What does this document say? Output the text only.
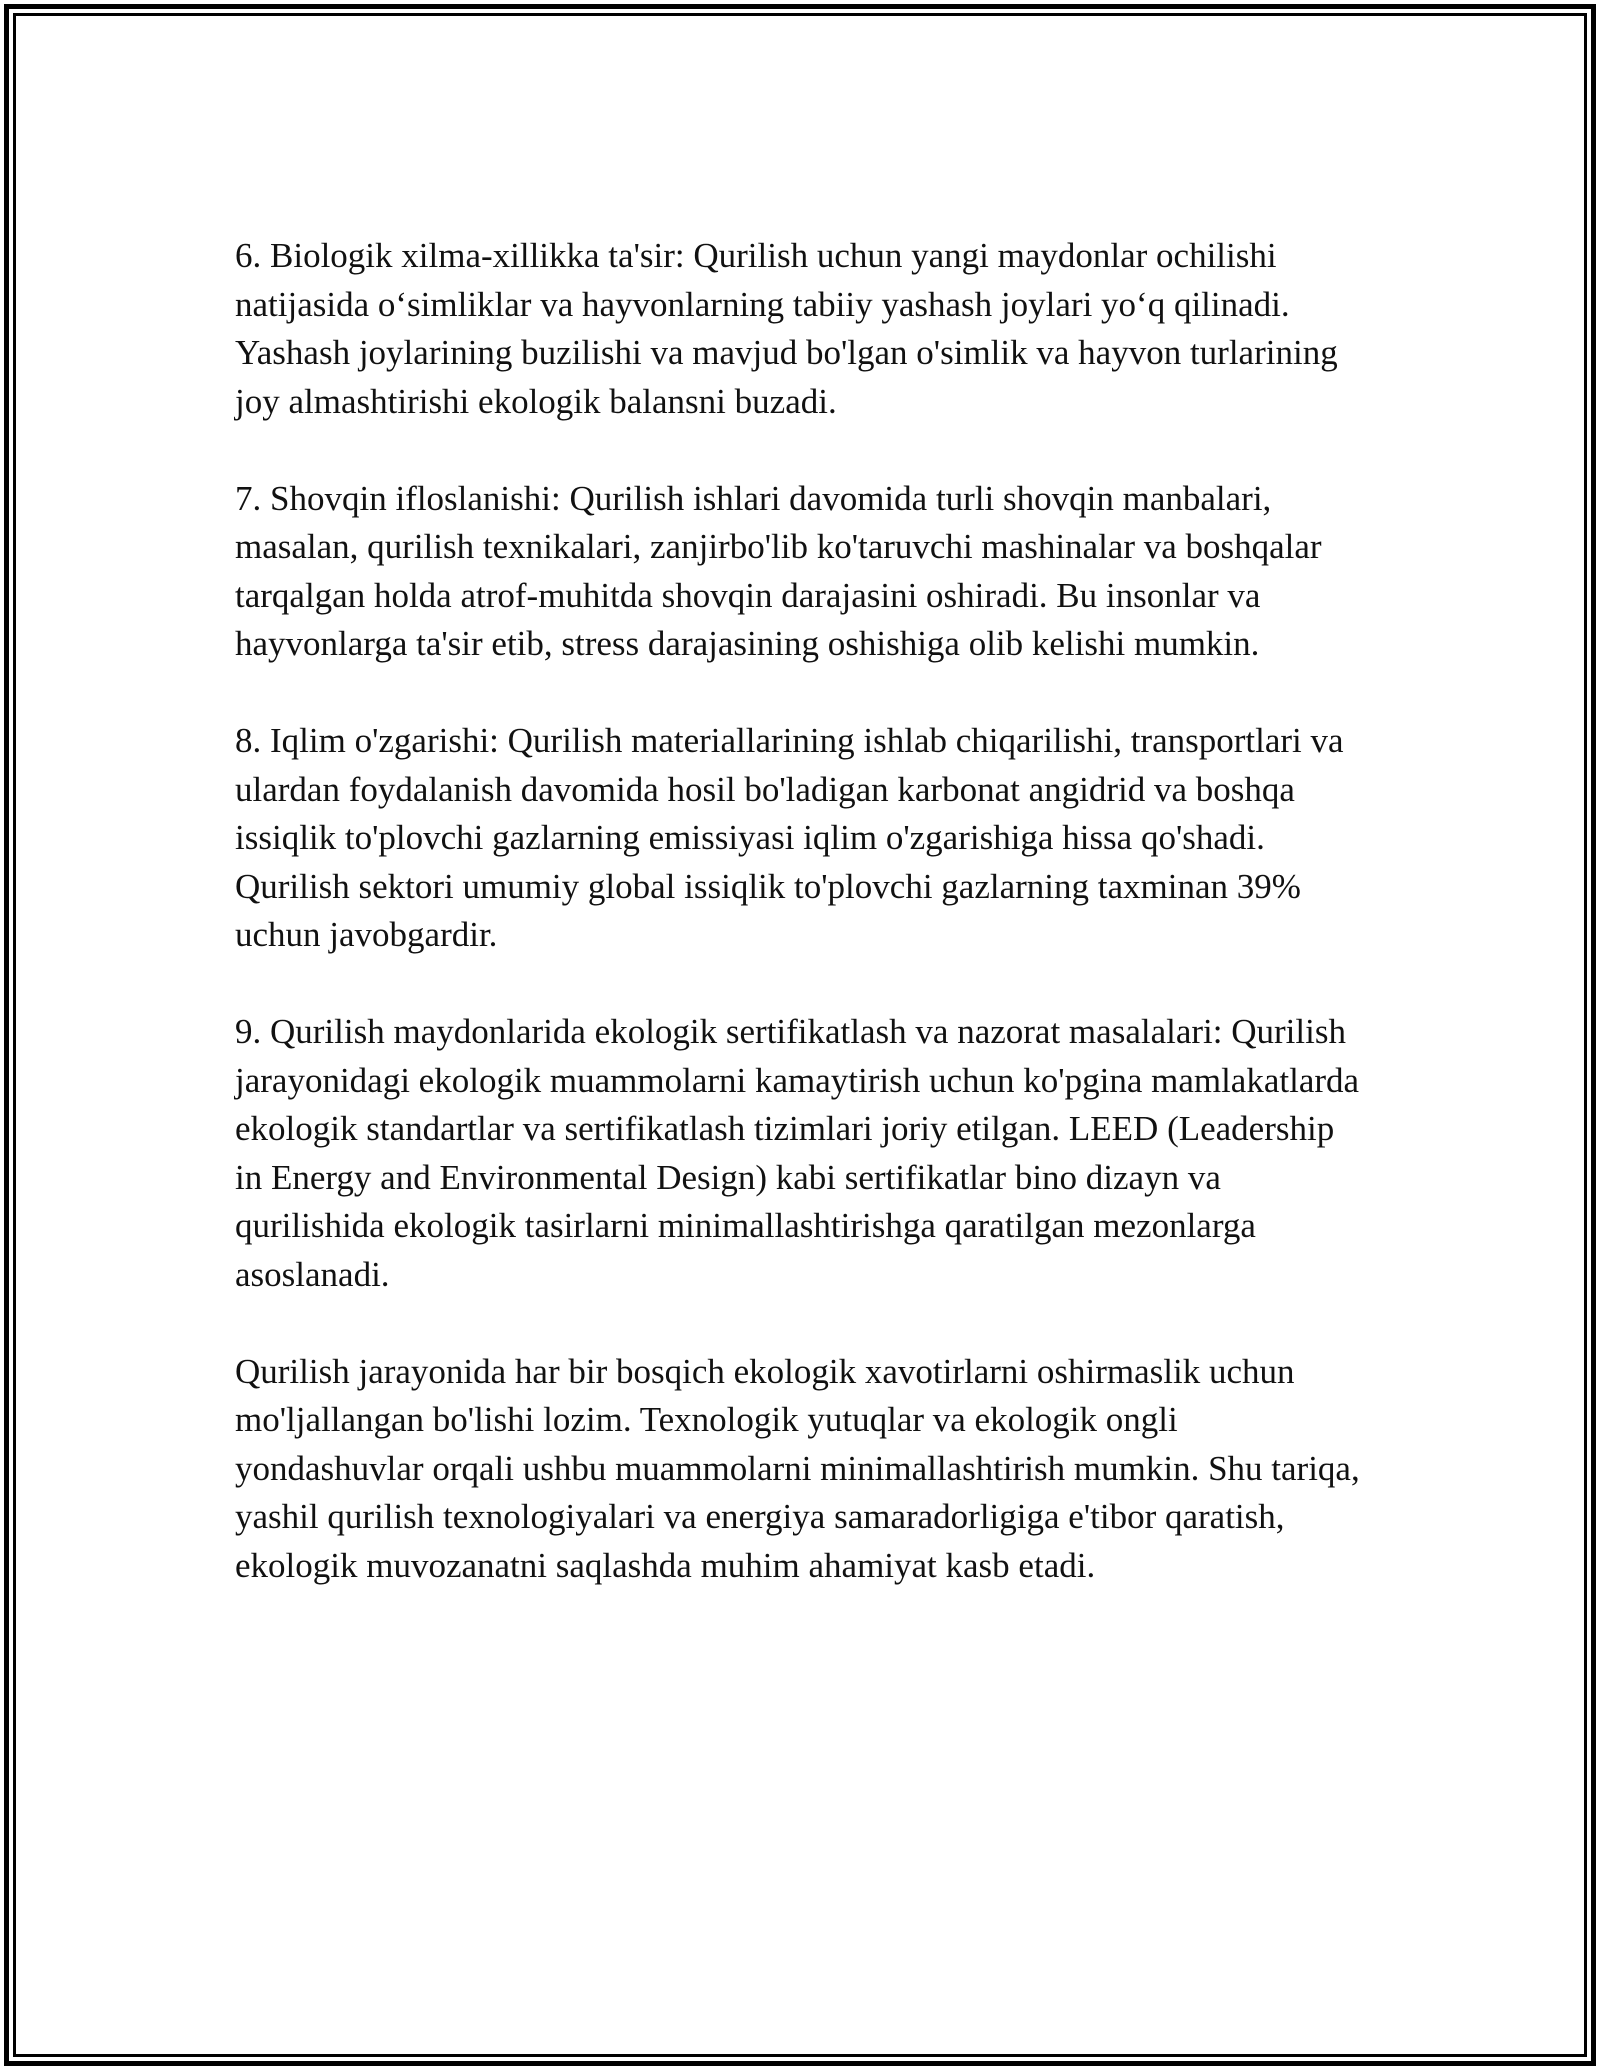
6. Biologik xilma-xillikka ta'sir: Qurilish uchun yangi maydonlar ochilishi natijasida o‘simliklar va hayvonlarning tabiiy yashash joylari yo‘q qilinadi. Yashash joylarining buzilishi va mavjud bo'lgan o'simlik va hayvon turlarining joy almashtirishi ekologik balansni buzadi.

7. Shovqin ifloslanishi: Qurilish ishlari davomida turli shovqin manbalari, masalan, qurilish texnikalari, zanjirbo'lib ko'taruvchi mashinalar va boshqalar tarqalgan holda atrof-muhitda shovqin darajasini oshiradi. Bu insonlar va hayvonlarga ta'sir etib, stress darajasining oshishiga olib kelishi mumkin.

8. Iqlim o'zgarishi: Qurilish materiallarining ishlab chiqarilishi, transportlari va ulardan foydalanish davomida hosil bo'ladigan karbonat angidrid va boshqa issiqlik to'plovchi gazlarning emissiyasi iqlim o'zgarishiga hissa qo'shadi. Qurilish sektori umumiy global issiqlik to'plovchi gazlarning taxminan 39% uchun javobgardir.

9. Qurilish maydonlarida ekologik sertifikatlash va nazorat masalalari: Qurilish jarayonidagi ekologik muammolarni kamaytirish uchun ko'pgina mamlakatlarda ekologik standartlar va sertifikatlash tizimlari joriy etilgan. LEED (Leadership in Energy and Environmental Design) kabi sertifikatlar bino dizayn va qurilishida ekologik tasirlarni minimallashtirishga qaratilgan mezonlarga asoslanadi.

Qurilish jarayonida har bir bosqich ekologik xavotirlarni oshirmaslik uchun mo'ljallangan bo'lishi lozim. Texnologik yutuqlar va ekologik ongli yondashuvlar orqali ushbu muammolarni minimallashtirish mumkin. Shu tariqa, yashil qurilish texnologiyalari va energiya samaradorligiga e'tibor qaratish, ekologik muvozanatni saqlashda muhim ahamiyat kasb etadi.
